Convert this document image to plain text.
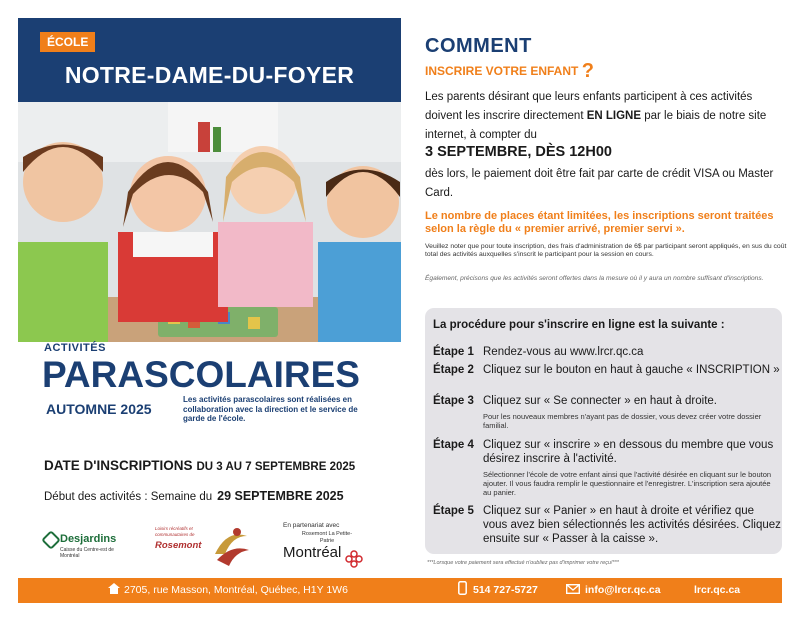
ÉCOLE
NOTRE-DAME-DU-FOYER
ACTIVITÉS
PARASCOLAIRES
AUTOMNE 2025
Les activités parascolaires sont réalisées en collaboration avec la direction et le service de garde de l'école.
DATE D'INSCRIPTIONS DU 3 AU 7 SEPTEMBRE 2025
Début des activités : Semaine du 29 SEPTEMBRE 2025
Desjardins
Caisse du Centre-est de Montréal
Loisirs récréatifs et communautaires de
Rosemont
En partenariat avec
Rosemont La Petite-Patrie
Montréal
COMMENT
INSCRIRE VOTRE ENFANT ?
Les parents désirant que leurs enfants participent à ces activités doivent les inscrire directement EN LIGNE par le biais de notre site internet, à compter du
3 SEPTEMBRE, DÈS 12H00
dès lors, le paiement doit être fait par carte de crédit VISA ou Master Card.
Le nombre de places étant limitées, les inscriptions seront traitées selon la règle du « premier arrivé, premier servi ».
Veuillez noter que pour toute inscription, des frais d'administration de 6$ par participant seront appliqués, en sus du coût total des activités auxquelles s'inscrit le participant pour la session en cours.
Également, précisons que les activités seront offertes dans la mesure où il y aura un nombre suffisant d'inscriptions.
La procédure pour s'inscrire en ligne est la suivante :
Étape 1 Rendez-vous au www.lrcr.qc.ca
Étape 2 Cliquez sur le bouton en haut à gauche « INSCRIPTION »
Étape 3 Cliquez sur « Se connecter » en haut à droite.
Pour les nouveaux membres n'ayant pas de dossier, vous devez créer votre dossier familial.
Étape 4 Cliquez sur « inscrire » en dessous du membre que vous désirez inscrire à l'activité.
Sélectionner l'école de votre enfant ainsi que l'activité désirée en cliquant sur le bouton ajouter. Il vous faudra remplir le questionnaire et l'enregistrer. L'inscription sera ajoutée au panier.
Étape 5 Cliquez sur « Panier » en haut à droite et vérifiez que vous avez bien sélectionnés les activités désirées. Cliquez ensuite sur « Passer à la caisse ».
***Lorsque votre paiement sera effectué n'oubliez pas d'imprimer votre reçu!***
2705, rue Masson, Montréal, Québec, H1Y 1W6	514 727-5727	info@lrcr.qc.ca	lrcr.qc.ca
